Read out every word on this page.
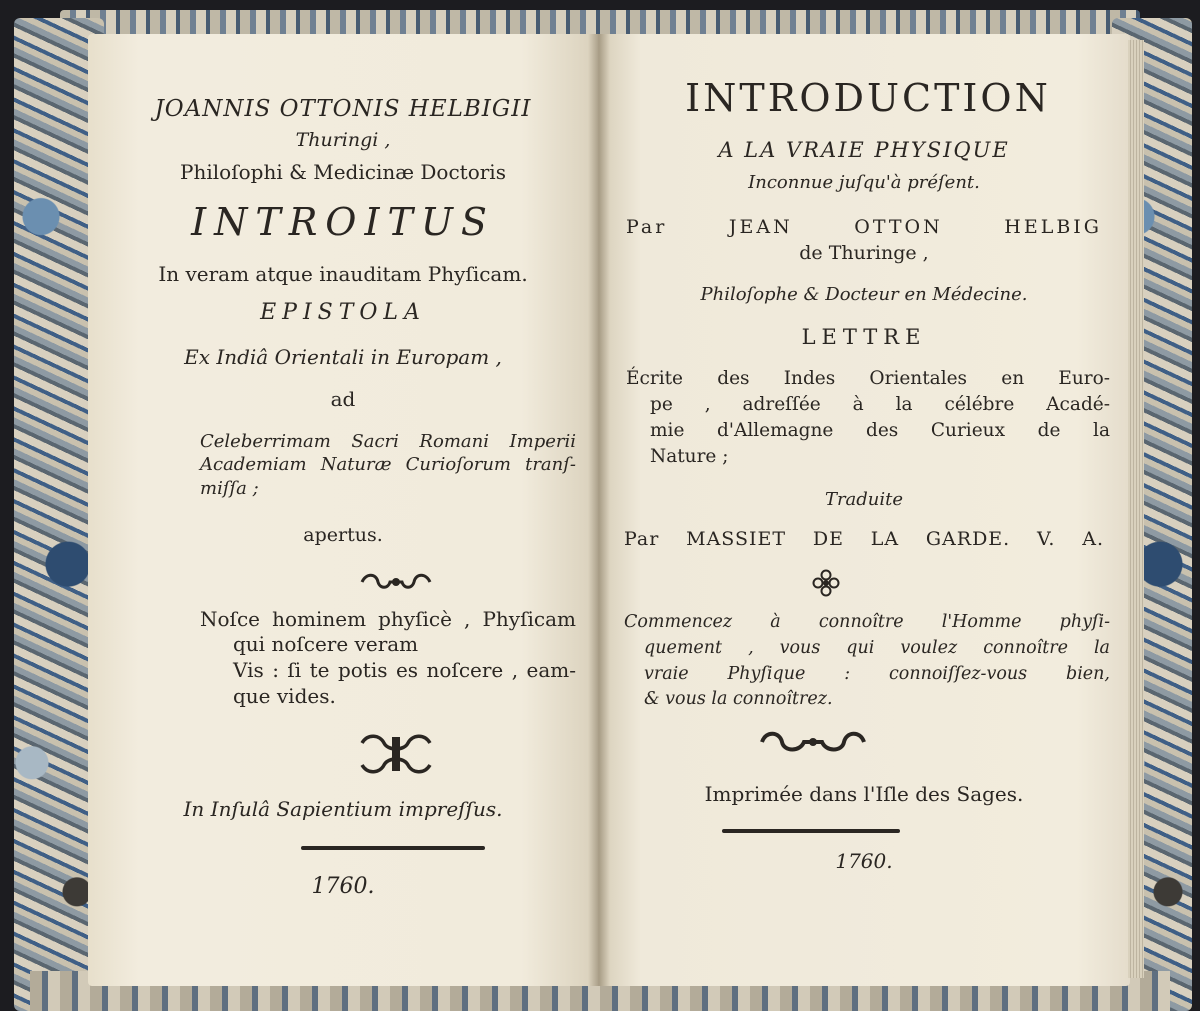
JOANNIS OTTONIS HELBIGII
Thuringi ,
Philoſophi & Medicinæ Doctoris
INTROITUS
In veram atque inauditam Phyſicam.
EPISTOLA
Ex Indiâ Orientali in Europam ,
ad
Celeberrimam Sacri Romani Imperii
Academiam Naturæ Curioſorum tranſ-
miſſa ;
apertus.
Noſce hominem phyſicè , Phyſicam
qui noſcere veram
Vis : ſi te potis es noſcere , eam-
que vides.
In Inſulâ Sapientium impreſſus.
1760.
INTRODUCTION
A LA VRAIE PHYSIQUE
Inconnue juſqu'à préſent.
Par JEAN OTTON HELBIG
de Thuringe ,
Philoſophe & Docteur en Médecine.
LETTRE
Écrite des Indes Orientales en Euro-
pe , adreſſée à la célébre Acadé-
mie d'Allemagne des Curieux de la
Nature ;
Traduite
Par MASSIET DE LA GARDE. V. A.
Commencez à connoître l'Homme phyſi-
quement , vous qui voulez connoître la
vraie Phyſique : connoiſſez-vous bien,
& vous la connoîtrez.
Imprimée dans l'Iſle des Sages.
1760.
